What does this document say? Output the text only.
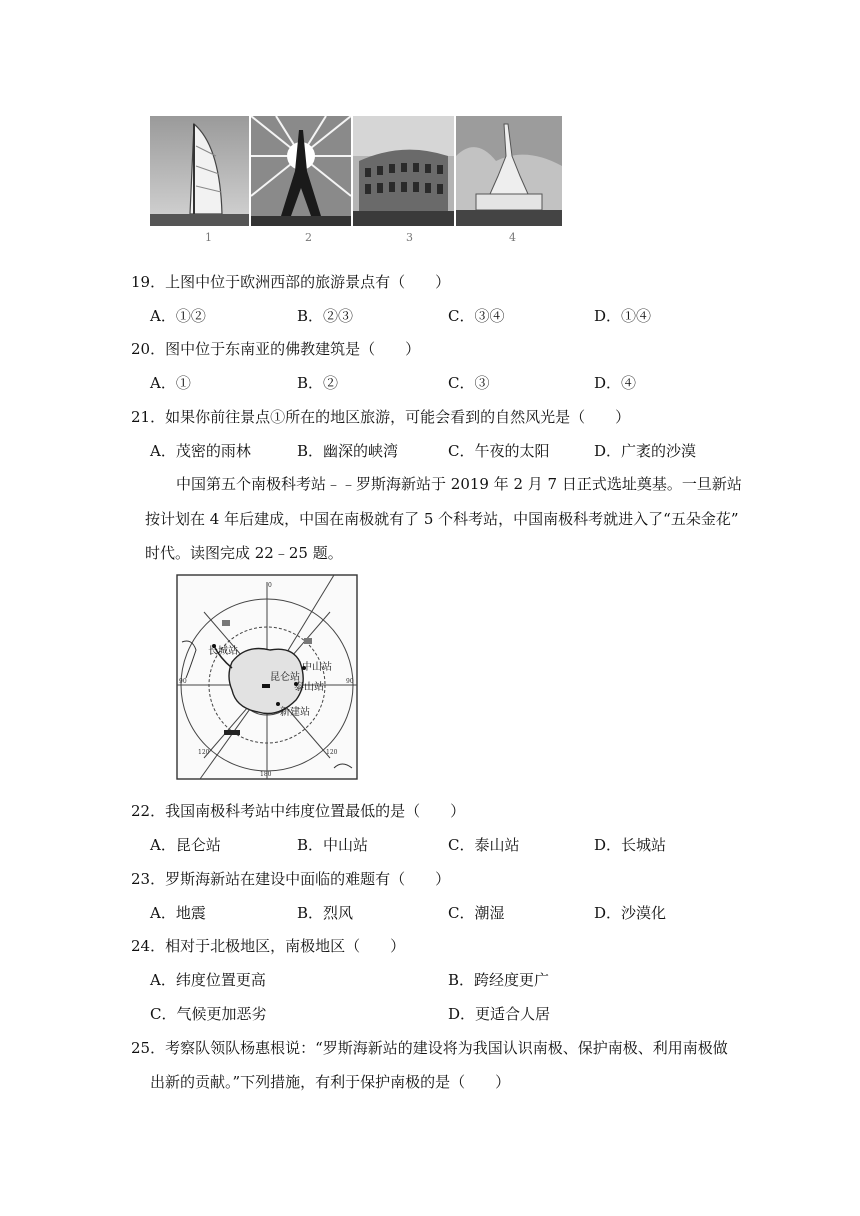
1	2	3	4
19．上图中位于欧洲西部的旅游景点有（　　）
A．①②	B．②③	C．③④	D．①④
20．图中位于东南亚的佛教建筑是（　　）
A．①	B．②	C．③	D．④
21．如果你前往景点①所在的地区旅游，可能会看到的自然风光是（　　）
A．茂密的雨林	B．幽深的峡湾	C．午夜的太阳	D．广袤的沙漠
中国第五个南极科考站﹣﹣罗斯海新站于 2019 年 2 月 7 日正式选址奠基。一旦新站
按计划在 4 年后建成，中国在南极就有了 5 个科考站，中国南极科考就进入了“五朵金花”
时代。读图完成 22﹣25 题。
长城站
昆仑站
中山站
泰山站
新建站
0
90	90
180
120	120
22．我国南极科考站中纬度位置最低的是（　　）
A．昆仑站	B．中山站	C．泰山站	D．长城站
23．罗斯海新站在建设中面临的难题有（　　）
A．地震	B．烈风	C．潮湿	D．沙漠化
24．相对于北极地区，南极地区（　　）
A．纬度位置更高	B．跨经度更广
C．气候更加恶劣	D．更适合人居
25．考察队领队杨惠根说：“罗斯海新站的建设将为我国认识南极、保护南极、利用南极做
出新的贡献。”下列措施，有利于保护南极的是（　　）
